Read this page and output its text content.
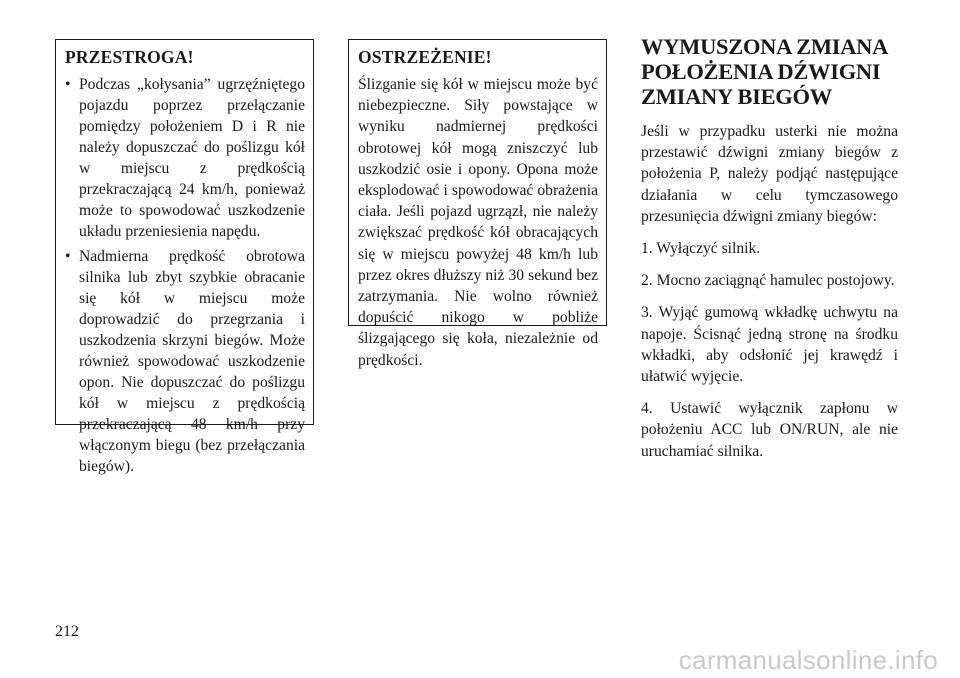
PRZESTROGA!
• Podczas „kołysania” ugrzęźniętego pojazdu poprzez przełączanie pomiędzy położeniem D i R nie należy dopuszczać do poślizgu kół w miejscu z prędkością przekraczającą 24 km/h, ponieważ może to spowodować uszkodzenie układu przeniesienia napędu.
• Nadmierna prędkość obrotowa silnika lub zbyt szybkie obracanie się kół w miejscu może doprowadzić do przegrzania i uszkodzenia skrzyni biegów. Może również spowodować uszkodzenie opon. Nie dopuszczać do poślizgu kół w miejscu z prędkością przekraczającą 48 km/h przy włączonym biegu (bez przełączania biegów).
OSTRZEŻENIE!

Ślizganie się kół w miejscu może być niebezpieczne. Siły powstające w wyniku nadmiernej prędkości obrotowej kół mogą zniszczyć lub uszkodzić osie i opony. Opona może eksplodować i spowodować obrażenia ciała. Jeśli pojazd ugrzązł, nie należy zwiększać prędkość kół obracających się w miejscu powyżej 48 km/h lub przez okres dłuższy niż 30 sekund bez zatrzymania. Nie wolno również dopuścić nikogo w pobliże ślizgającego się koła, niezależnie od prędkości.

WYMUSZONA ZMIANA POŁOŻENIA DŹWIGNI ZMIANY BIEGÓW

Jeśli w przypadku usterki nie można przestawić dźwigni zmiany biegów z położenia P, należy podjąć następujące działania w celu tymczasowego przesunięcia dźwigni zmiany biegów:

1. Wyłączyć silnik.

2. Mocno zaciągnąć hamulec postojowy.

3. Wyjąć gumową wkładkę uchwytu na napoje. Ścisnąć jedną stronę na środku wkładki, aby odsłonić jej krawędź i ułatwić wyjęcie.

4. Ustawić wyłącznik zapłonu w położeniu ACC lub ON/RUN, ale nie uruchamiać silnika.

212
carmanualsonline.info
